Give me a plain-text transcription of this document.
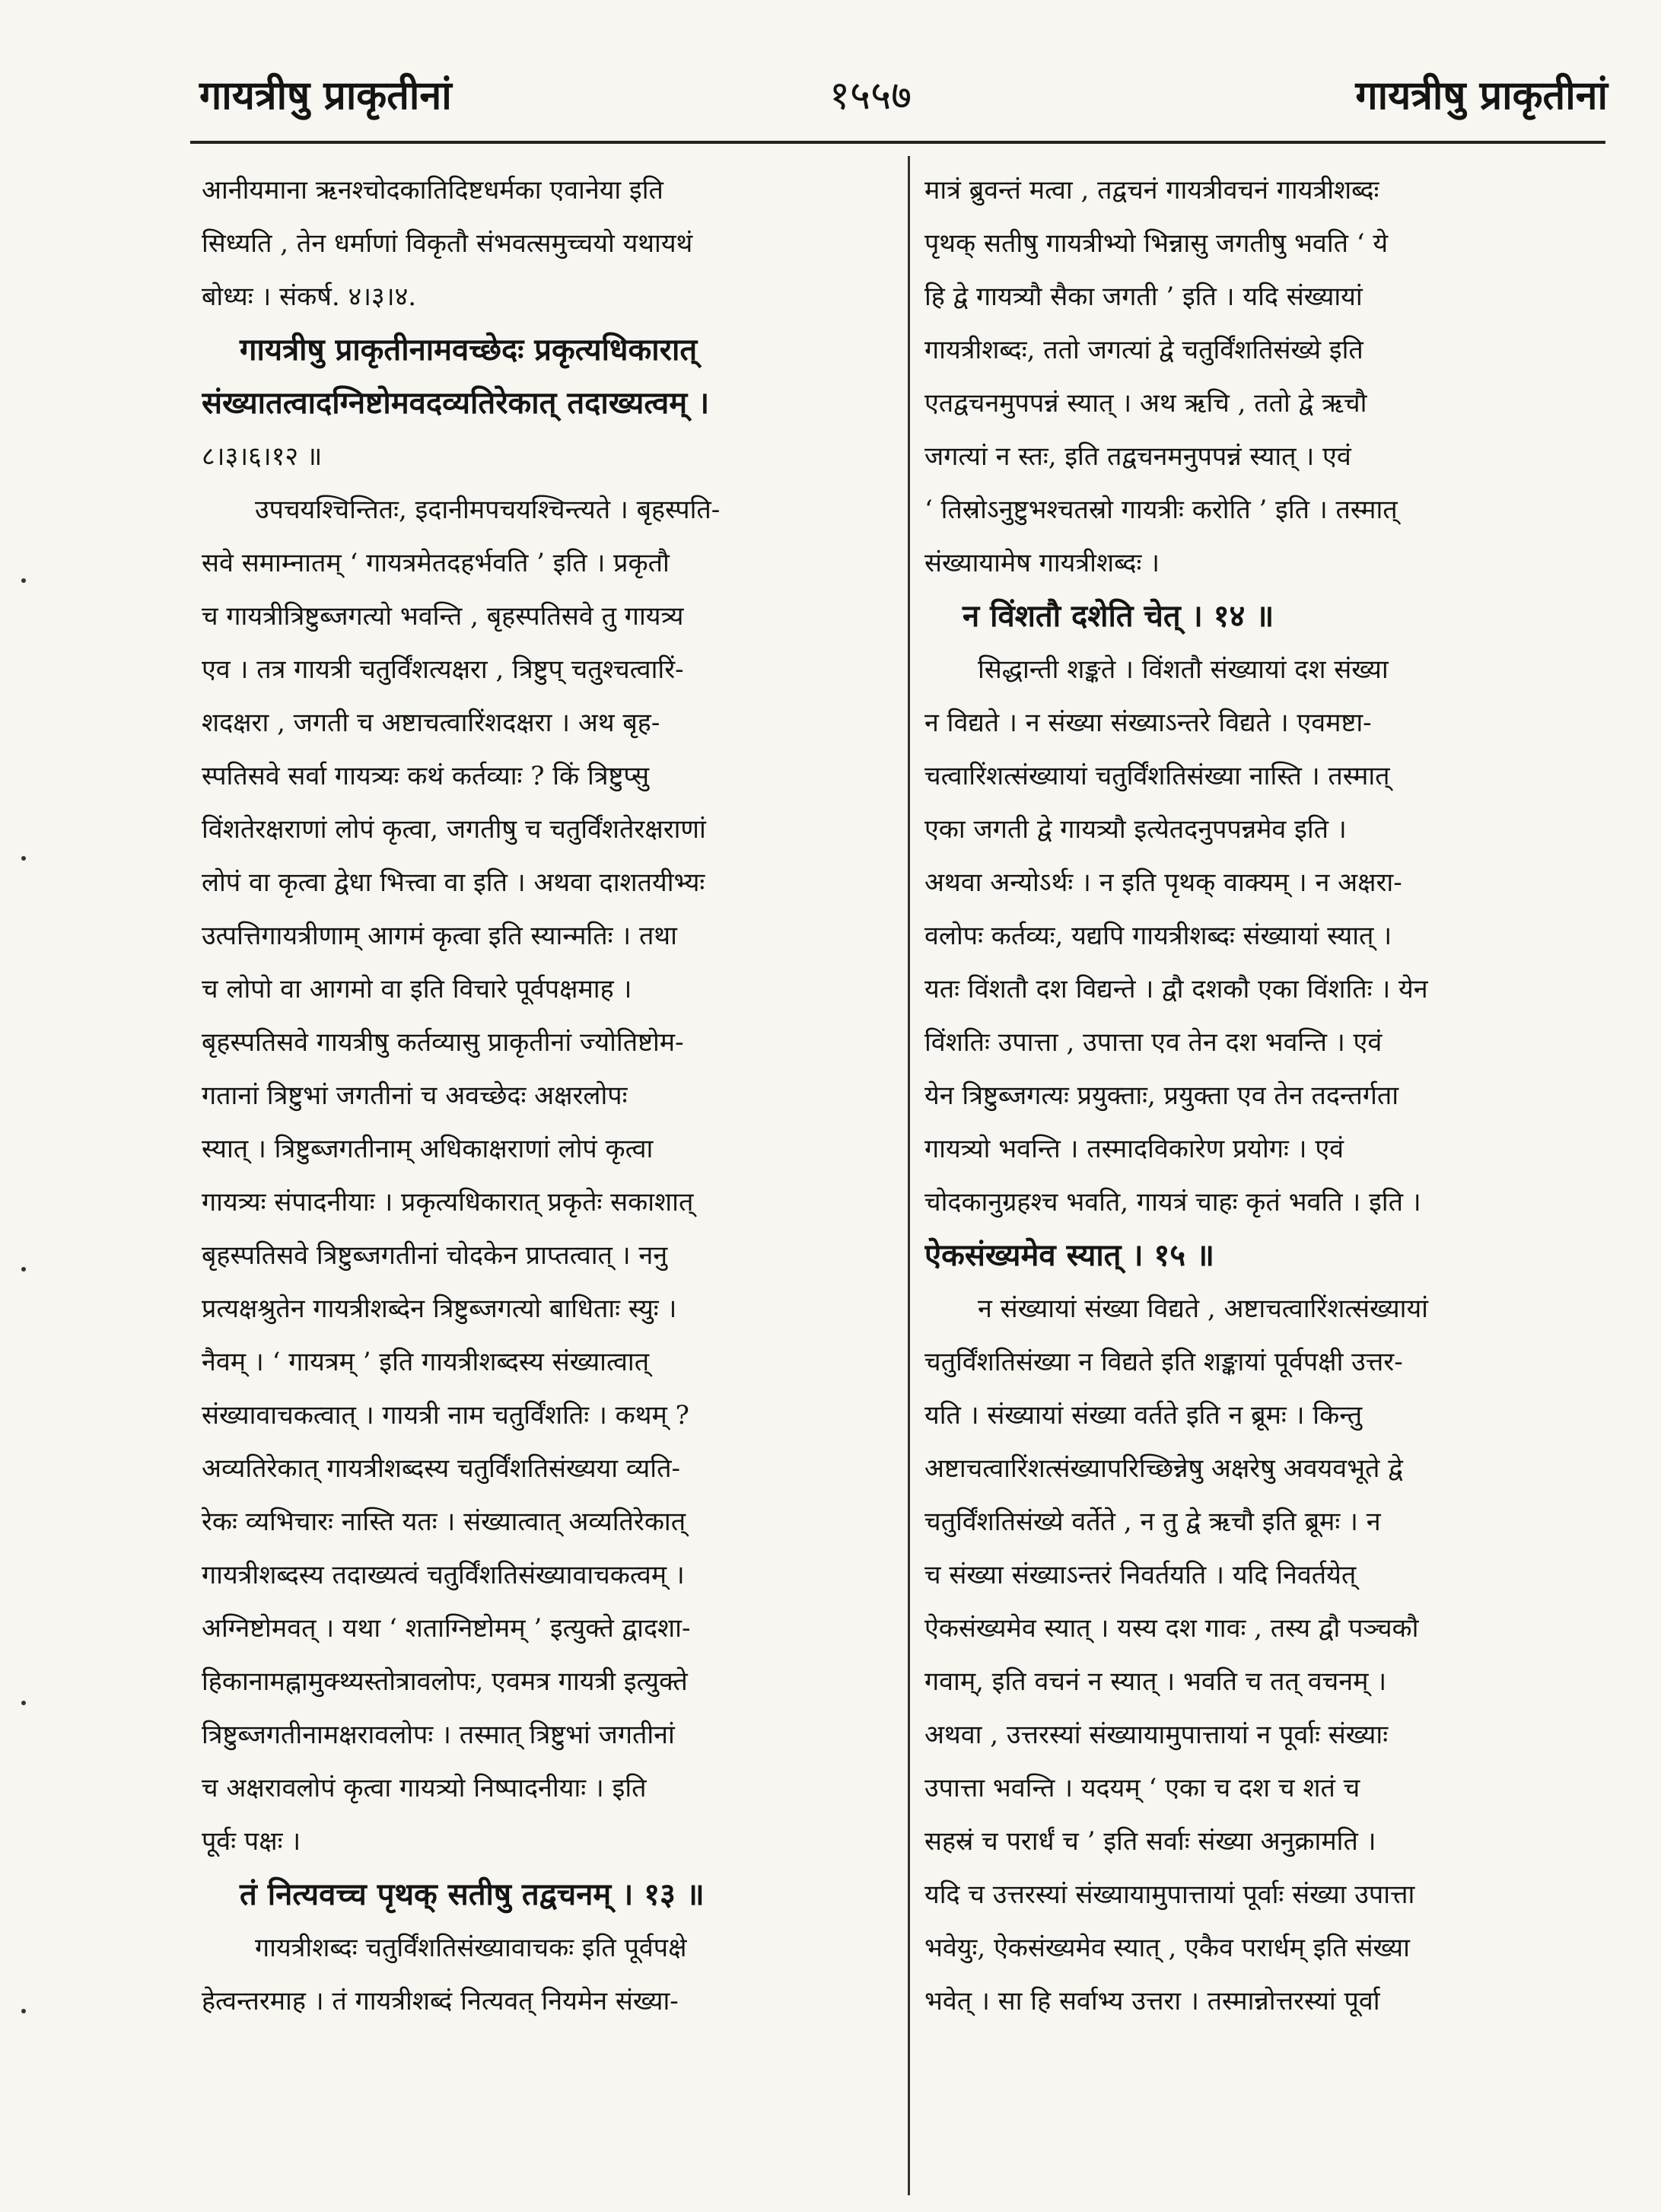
गायत्रीषु प्राकृतीनां	१५५७	गायत्रीषु प्राकृतीनां
आनीयमाना ऋनश्चोदकातिदिष्टधर्मका एवानेया इति
सिध्यति , तेन धर्माणां विकृतौ संभवत्समुच्चयो यथायथं
बोध्यः । संकर्ष. ४।३।४.
गायत्रीषु प्राकृतीनामवच्छेदः प्रकृत्यधिकारात्
संख्यातत्वादग्निष्टोमवदव्यतिरेकात् तदाख्यत्वम् ।
८।३।६।१२ ॥
उपचयश्चिन्तितः, इदानीमपचयश्चिन्त्यते । बृहस्पति-
सवे समाम्नातम् ‘ गायत्रमेतदहर्भवति ’ इति । प्रकृतौ
च गायत्रीत्रिष्टुब्जगत्यो भवन्ति , बृहस्पतिसवे तु गायत्र्य
एव । तत्र गायत्री चतुर्विंशत्यक्षरा , त्रिष्टुप् चतुश्चत्वारिं-
शदक्षरा , जगती च अष्टाचत्वारिंशदक्षरा । अथ बृह-
स्पतिसवे सर्वा गायत्र्यः कथं कर्तव्याः ? किं त्रिष्टुप्सु
विंशतेरक्षराणां लोपं कृत्वा, जगतीषु च चतुर्विंशतेरक्षराणां
लोपं वा कृत्वा द्वेधा भित्त्वा वा इति । अथवा दाशतयीभ्यः
उत्पत्तिगायत्रीणाम् आगमं कृत्वा इति स्यान्मतिः । तथा
च लोपो वा आगमो वा इति विचारे पूर्वपक्षमाह ।
बृहस्पतिसवे गायत्रीषु कर्तव्यासु प्राकृतीनां ज्योतिष्टोम-
गतानां त्रिष्टुभां जगतीनां च अवच्छेदः अक्षरलोपः
स्यात् । त्रिष्टुब्जगतीनाम् अधिकाक्षराणां लोपं कृत्वा
गायत्र्यः संपादनीयाः । प्रकृत्यधिकारात् प्रकृतेः सकाशात्
बृहस्पतिसवे त्रिष्टुब्जगतीनां चोदकेन प्राप्तत्वात् । ननु
प्रत्यक्षश्रुतेन गायत्रीशब्देन त्रिष्टुब्जगत्यो बाधिताः स्युः ।
नैवम् । ‘ गायत्रम् ’ इति गायत्रीशब्दस्य संख्यात्वात्
संख्यावाचकत्वात् । गायत्री नाम चतुर्विंशतिः । कथम् ?
अव्यतिरेकात् गायत्रीशब्दस्य चतुर्विंशतिसंख्यया व्यति-
रेकः व्यभिचारः नास्ति यतः । संख्यात्वात् अव्यतिरेकात्
गायत्रीशब्दस्य तदाख्यत्वं चतुर्विंशतिसंख्यावाचकत्वम् ।
अग्निष्टोमवत् । यथा ‘ शताग्निष्टोमम् ’ इत्युक्ते द्वादशा-
हिकानामह्नामुक्थ्यस्तोत्रावलोपः, एवमत्र गायत्री इत्युक्ते
त्रिष्टुब्जगतीनामक्षरावलोपः । तस्मात् त्रिष्टुभां जगतीनां
च अक्षरावलोपं कृत्वा गायत्र्यो निष्पादनीयाः । इति
पूर्वः पक्षः ।
तं नित्यवच्च पृथक् सतीषु तद्वचनम् । १३ ॥
गायत्रीशब्दः चतुर्विंशतिसंख्यावाचकः इति पूर्वपक्षे
हेत्वन्तरमाह । तं गायत्रीशब्दं नित्यवत् नियमेन संख्या-
मात्रं ब्रुवन्तं मत्वा , तद्वचनं गायत्रीवचनं गायत्रीशब्दः
पृथक् सतीषु गायत्रीभ्यो भिन्नासु जगतीषु भवति ‘ ये
हि द्वे गायत्र्यौ सैका जगती ’ इति । यदि संख्यायां
गायत्रीशब्दः, ततो जगत्यां द्वे चतुर्विंशतिसंख्ये इति
एतद्वचनमुपपन्नं स्यात् । अथ ऋचि , ततो द्वे ऋचौ
जगत्यां न स्तः, इति तद्वचनमनुपपन्नं स्यात् । एवं
‘ तिस्रोऽनुष्टुभश्चतस्रो गायत्रीः करोति ’ इति । तस्मात्
संख्यायामेष गायत्रीशब्दः ।
न विंशतौ दशेति चेत् । १४ ॥
सिद्धान्ती शङ्कते । विंशतौ संख्यायां दश संख्या
न विद्यते । न संख्या संख्याऽन्तरे विद्यते । एवमष्टा-
चत्वारिंशत्संख्यायां चतुर्विंशतिसंख्या नास्ति । तस्मात्
एका जगती द्वे गायत्र्यौ इत्येतदनुपपन्नमेव इति ।
अथवा अन्योऽर्थः । न इति पृथक् वाक्यम् । न अक्षरा-
वलोपः कर्तव्यः, यद्यपि गायत्रीशब्दः संख्यायां स्यात् ।
यतः विंशतौ दश विद्यन्ते । द्वौ दशकौ एका विंशतिः । येन
विंशतिः उपात्ता , उपात्ता एव तेन दश भवन्ति । एवं
येन त्रिष्टुब्जगत्यः प्रयुक्ताः, प्रयुक्ता एव तेन तदन्तर्गता
गायत्र्यो भवन्ति । तस्मादविकारेण प्रयोगः । एवं
चोदकानुग्रहश्च भवति, गायत्रं चाहः कृतं भवति । इति ।
ऐकसंख्यमेव स्यात् । १५ ॥
न संख्यायां संख्या विद्यते , अष्टाचत्वारिंशत्संख्यायां
चतुर्विंशतिसंख्या न विद्यते इति शङ्कायां पूर्वपक्षी उत्तर-
यति । संख्यायां संख्या वर्तते इति न ब्रूमः । किन्तु
अष्टाचत्वारिंशत्संख्यापरिच्छिन्नेषु अक्षरेषु अवयवभूते द्वे
चतुर्विंशतिसंख्ये वर्तेते , न तु द्वे ऋचौ इति ब्रूमः । न
च संख्या संख्याऽन्तरं निवर्तयति । यदि निवर्तयेत्
ऐकसंख्यमेव स्यात् । यस्य दश गावः , तस्य द्वौ पञ्चकौ
गवाम्, इति वचनं न स्यात् । भवति च तत् वचनम् ।
अथवा , उत्तरस्यां संख्यायामुपात्तायां न पूर्वाः संख्याः
उपात्ता भवन्ति । यदयम् ‘ एका च दश च शतं च
सहस्रं च परार्धं च ’ इति सर्वाः संख्या अनुक्रामति ।
यदि च उत्तरस्यां संख्यायामुपात्तायां पूर्वाः संख्या उपात्ता
भवेयुः, ऐकसंख्यमेव स्यात् , एकैव परार्धम् इति संख्या
भवेत् । सा हि सर्वाभ्य उत्तरा । तस्मान्नोत्तरस्यां पूर्वा
